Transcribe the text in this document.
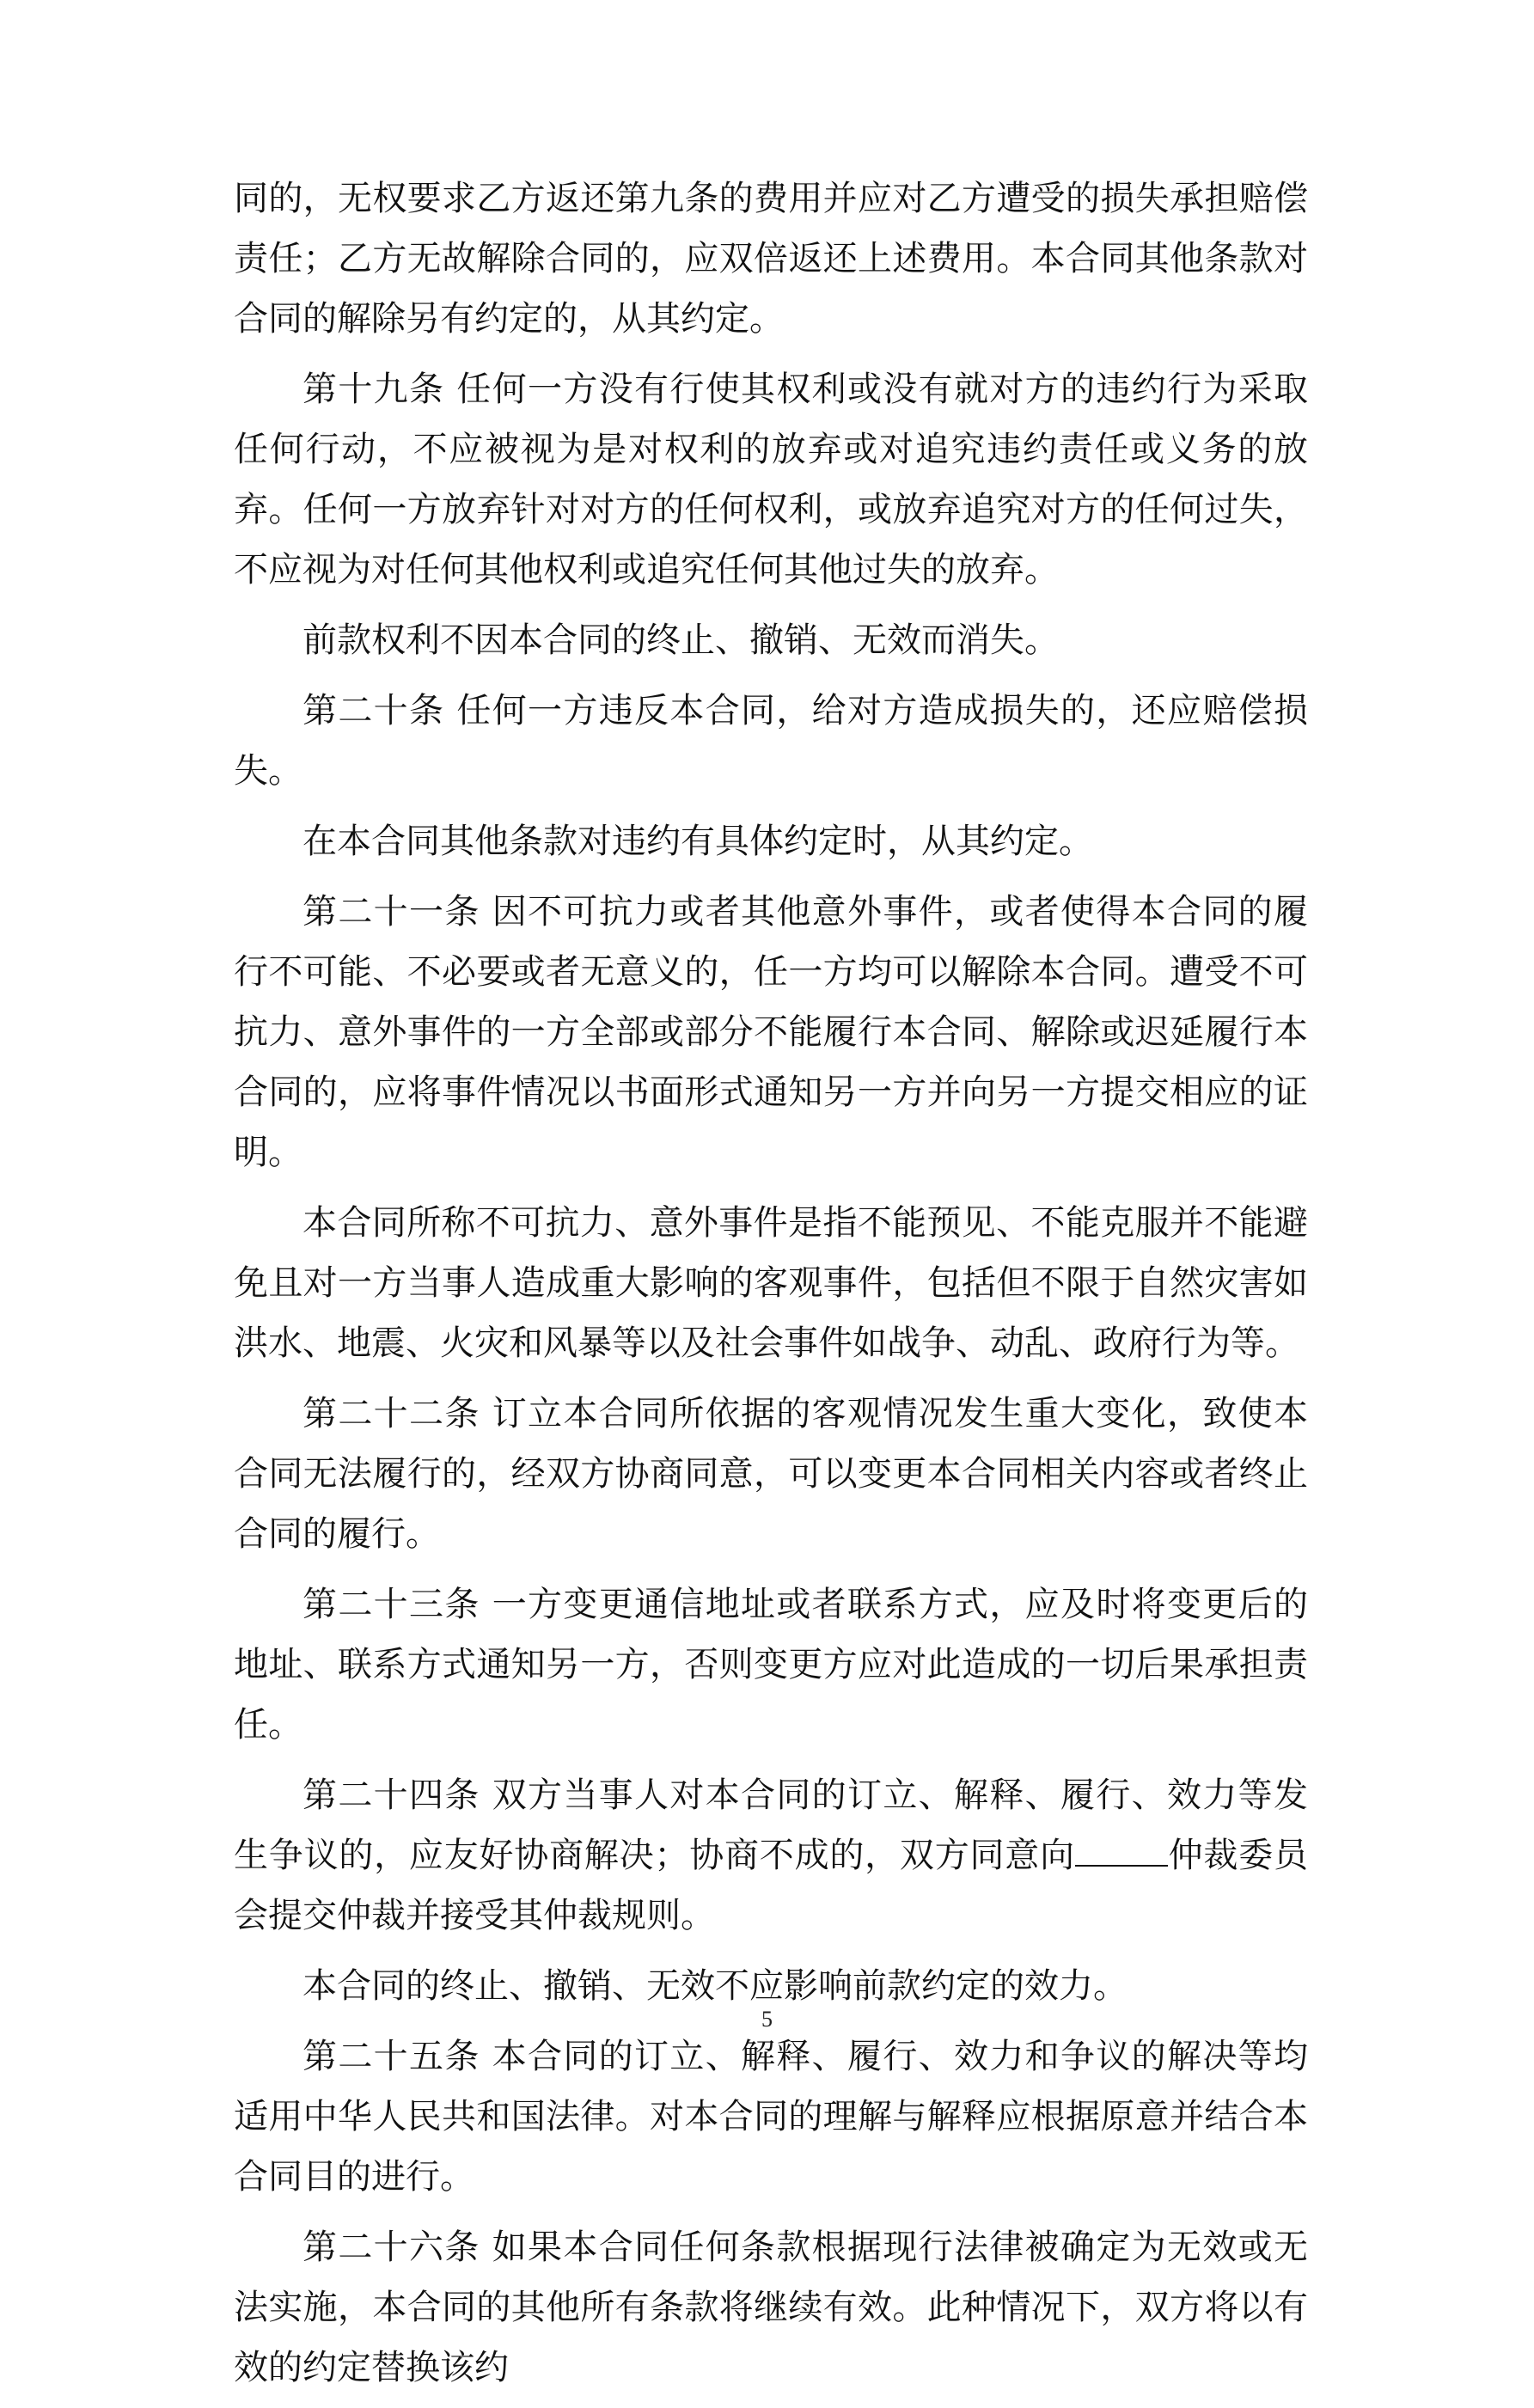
同的，无权要求乙方返还第九条的费用并应对乙方遭受的损失承担赔偿责任；乙方无故解除合同的，应双倍返还上述费用。本合同其他条款对合同的解除另有约定的，从其约定。

第十九条 任何一方没有行使其权利或没有就对方的违约行为采取任何行动，不应被视为是对权利的放弃或对追究违约责任或义务的放弃。任何一方放弃针对对方的任何权利，或放弃追究对方的任何过失，不应视为对任何其他权利或追究任何其他过失的放弃。

前款权利不因本合同的终止、撤销、无效而消失。

第二十条 任何一方违反本合同，给对方造成损失的，还应赔偿损失。

在本合同其他条款对违约有具体约定时，从其约定。

第二十一条 因不可抗力或者其他意外事件，或者使得本合同的履行不可能、不必要或者无意义的，任一方均可以解除本合同。遭受不可抗力、意外事件的一方全部或部分不能履行本合同、解除或迟延履行本合同的，应将事件情况以书面形式通知另一方并向另一方提交相应的证明。

本合同所称不可抗力、意外事件是指不能预见、不能克服并不能避免且对一方当事人造成重大影响的客观事件，包括但不限于自然灾害如洪水、地震、火灾和风暴等以及社会事件如战争、动乱、政府行为等。

第二十二条 订立本合同所依据的客观情况发生重大变化，致使本合同无法履行的，经双方协商同意，可以变更本合同相关内容或者终止合同的履行。

第二十三条 一方变更通信地址或者联系方式，应及时将变更后的地址、联系方式通知另一方，否则变更方应对此造成的一切后果承担责任。

第二十四条 双方当事人对本合同的订立、解释、履行、效力等发生争议的，应友好协商解决；协商不成的，双方同意向	仲裁委员会提交仲裁并接受其仲裁规则。

本合同的终止、撤销、无效不应影响前款约定的效力。

第二十五条 本合同的订立、解释、履行、效力和争议的解决等均适用中华人民共和国法律。对本合同的理解与解释应根据原意并结合本合同目的进行。

第二十六条 如果本合同任何条款根据现行法律被确定为无效或无法实施，本合同的其他所有条款将继续有效。此种情况下，双方将以有效的约定替换该约

5
